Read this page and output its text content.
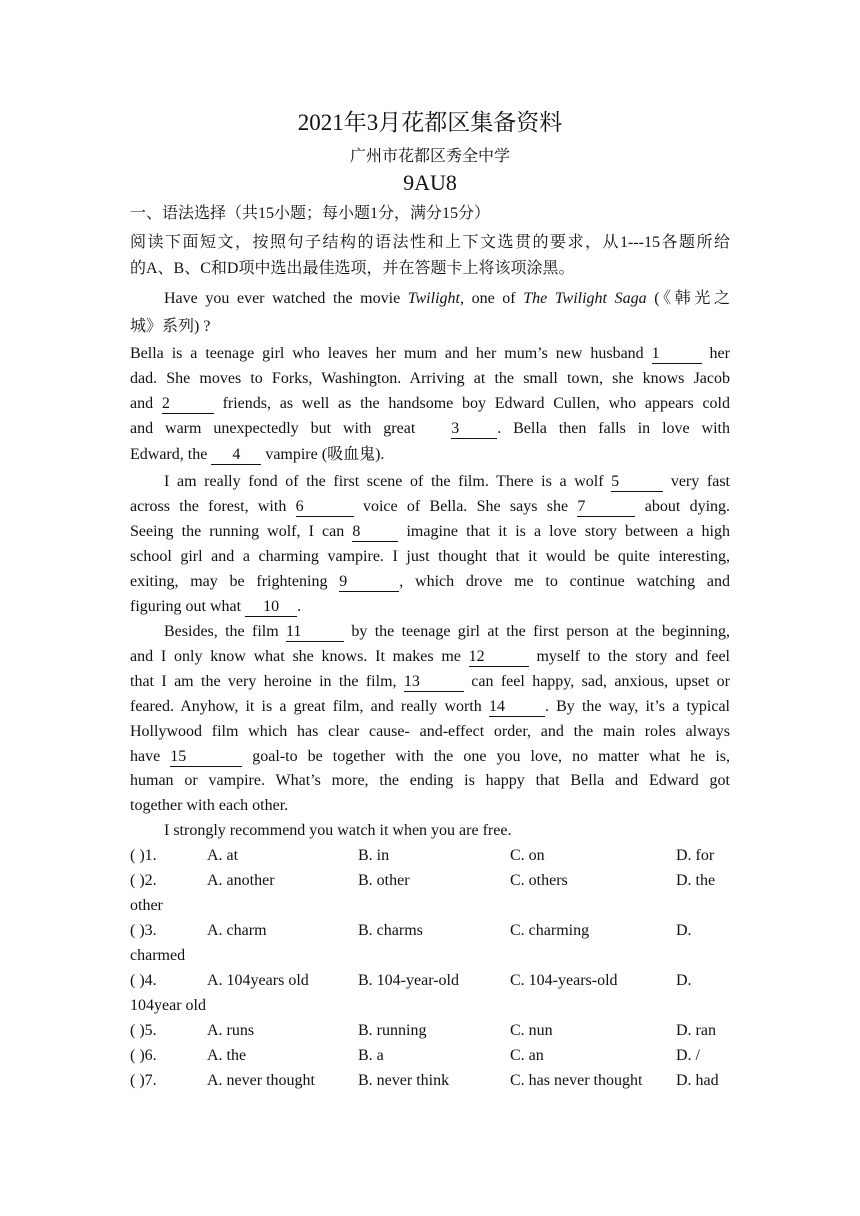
2021年3月花都区集备资料
广州市花都区秀全中学
9AU8
一、语法选择（共15小题；每小题1分，满分15分）
阅读下面短文，按照句子结构的语法性和上下文选贯的要求，从1---15各题所给
的A、B、C和D项中选出最佳选项，并在答题卡上将该项涂黑。
Have you ever watched the movie Twilight, one of The Twilight Saga (《韩光之
城》系列) ?
Bella is a teenage girl who leaves her mum and her mum’s new husband 1	her
dad. She moves to Forks, Washington. Arriving at the small town, she knows Jacob
and 2	friends, as well as the handsome boy Edward Cullen, who appears cold
and warm unexpectedly but with great 3 . Bella then falls in love with
Edward, the 4 vampire (吸血鬼).
I am really fond of the first scene of the film. There is a wolf 5	very fast
across the forest, with 6	voice of Bella. She says she 7	about dying.
Seeing the running wolf, I can 8 imagine that it is a love story between a high
school girl and a charming vampire. I just thought that it would be quite interesting,
exiting, may be frightening 9	, which drove me to continue watching and
figuring out what 10 .
Besides, the film 11	by the teenage girl at the first person at the beginning,
and I only know what she knows. It makes me 12	myself to the story and feel
that I am the very heroine in the film, 13	can feel happy, sad, anxious, upset or
feared. Anyhow, it is a great film, and really worth 14	. By the way, it’s a typical
Hollywood film which has clear cause- and-effect order, and the main roles always
have 15	goal-to be together with the one you love, no matter what he is,
human or vampire. What’s more, the ending is happy that Bella and Edward got
together with each other.
I strongly recommend you watch it when you are free.
( )1.	A. at	B. in	C. on	D. for
( )2.	A. another	B. other	C. others	D. the
other
( )3.	A. charm	B. charms	C. charming	D.
charmed
( )4.	A. 104years old	B. 104-year-old	C. 104-years-old	D.
104year old
( )5.	A. runs	B. running	C. nun	D. ran
( )6.	A. the	B. a	C. an	D. /
( )7.	A. never thought	B. never think	C. has never thought D. had
